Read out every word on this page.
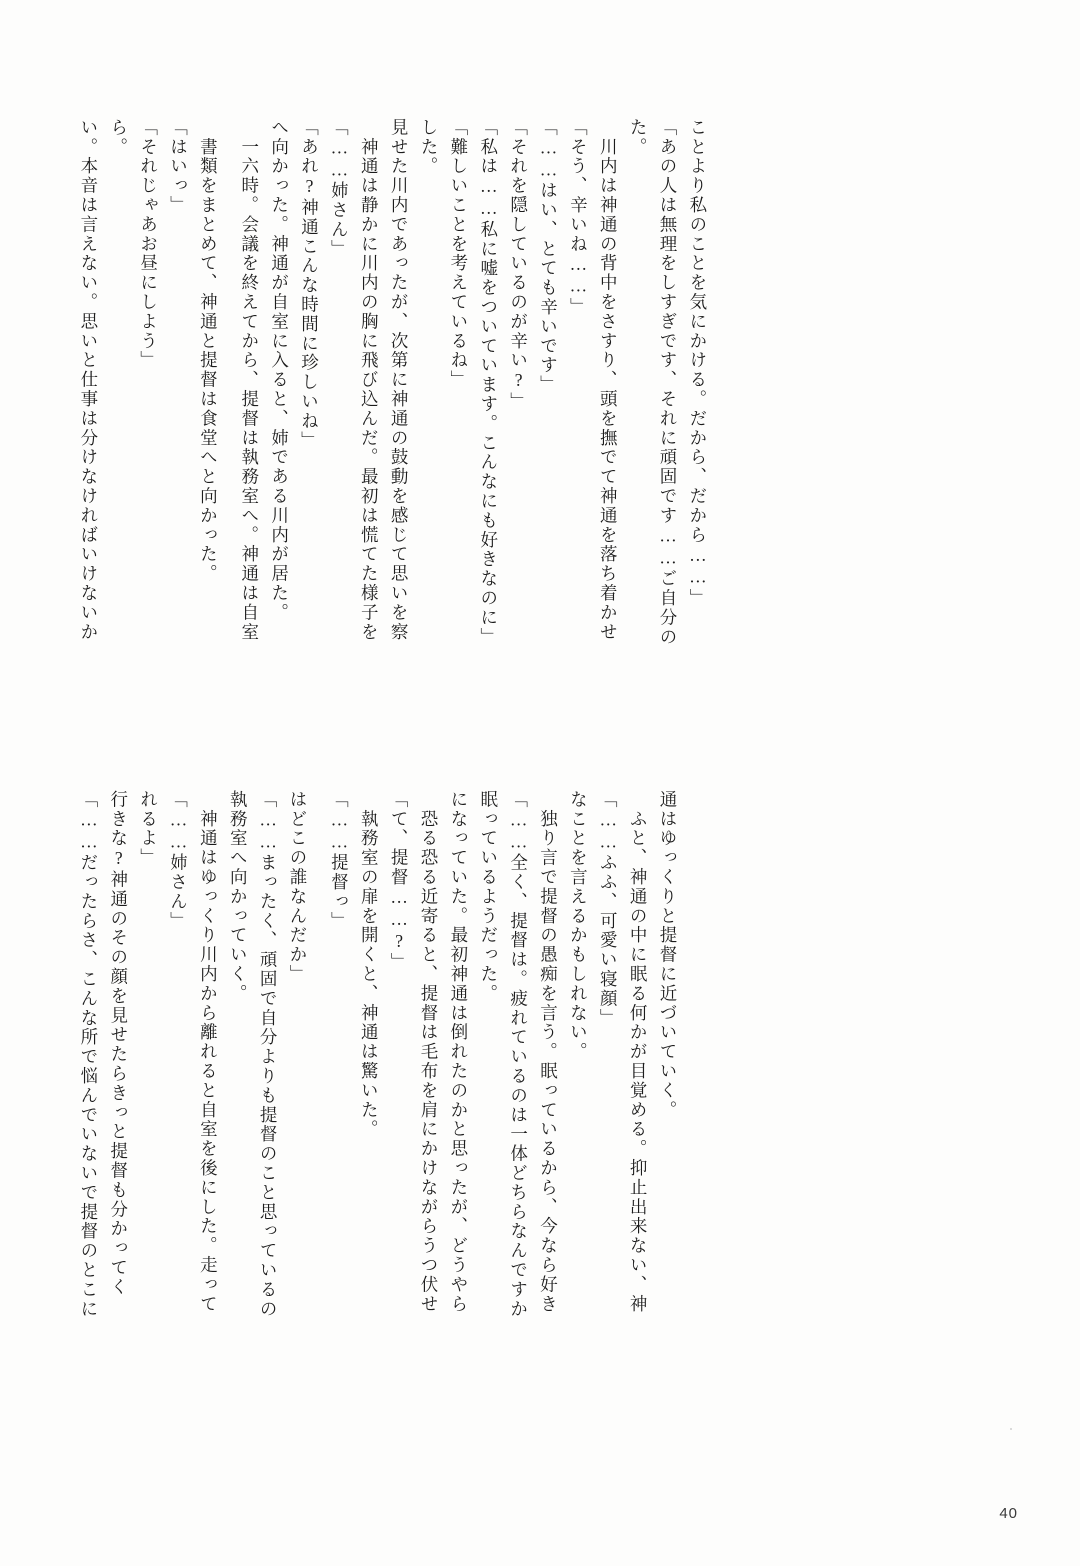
い。本音は言えない。思いと仕事は分けなければいけないか ら。 「それじゃあお昼にしよう」 「はいっ」 　書類をまとめて、神通と提督は食堂へと向かった。 　一六時。会議を終えてから、提督は執務室へ。神通は自室 へ向かった。神通が自室に入ると、姉である川内が居た。 「あれ?神通こんな時間に珍しいね」 「……姉さん」 　神通は静かに川内の胸に飛び込んだ。最初は慌てた様子を 見せた川内であったが、次第に神通の鼓動を感じて思いを察 した。 「難しいことを考えているね」 「私は……私に嘘をついています。こんなにも好きなのに」 「それを隠しているのが辛い?」 「……はい、とても辛いです」 「そう、辛いね……」 　川内は神通の背中をさすり、頭を撫でて神通を落ち着かせ た。 「あの人は無理をしすぎです、それに頑固です……ご自分の ことより私のことを気にかける。だから、だから……」
「……だったらさ、こんな所で悩んでいないで提督のとこに 行きな?神通のその顔を見せたらきっと提督も分かってく れるよ」 「……姉さん」 　神通はゆっくり川内から離れると自室を後にした。走って 執務室へ向かっていく。 「……まったく、頑固で自分よりも提督のこと思っているの はどこの誰なんだか」 「……提督っ」 　執務室の扉を開くと、神通は驚いた。 「て、提督……?」 　恐る恐る近寄ると、提督は毛布を肩にかけながらうつ伏せ になっていた。最初神通は倒れたのかと思ったが、どうやら 眠っているようだった。 「……全く、提督は。疲れているのは一体どちらなんですか 　独り言で提督の愚痴を言う。眠っているから、今なら好き なことを言えるかもしれない。 「……ふふ、可愛い寝顔」 　ふと、神通の中に眠る何かが目覚める。抑止出来ない、神 通はゆっくりと提督に近づいていく。
40
